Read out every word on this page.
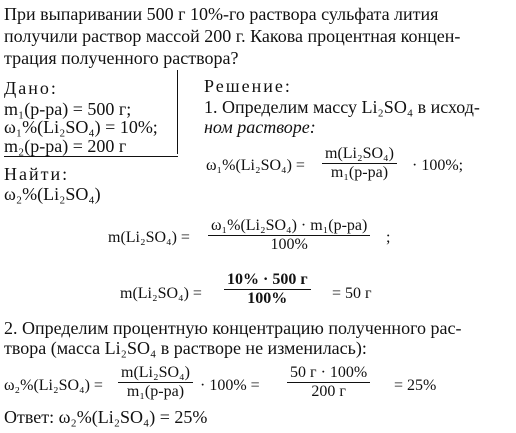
При выпаривании 500 г 10%-го раствора сульфата лития
получили раствор массой 200 г. Какова процентная концен-
трация полученного раствора?
Дано:
m₁(р-ра) = 500 г;
ω₁%(Li₂SO₄) = 10%;
m₂(р-ра) = 200 г
Найти:
ω₂%(Li₂SO₄)
Решение:
1. Определим массу Li₂SO₄ в исход-
ном растворе:
ω₁%(Li₂SO₄) =
m(Li₂SO₄)
m₁(р-ра) · 100%;
m(Li₂SO₄) =
ω₁%(Li₂SO₄) · m₁(р-ра)
100%	;
m(Li₂SO₄) =
10% · 500 г
100%	= 50 г
2. Определим процентную концентрацию полученного рас-
твора (масса Li₂SO₄ в растворе не изменилась):
ω₂%(Li₂SO₄) =
m(Li₂SO₄)
m₁(р-ра) · 100% =
50 г · 100%
200 г	= 25%
Ответ: ω₂%(Li₂SO₄) = 25%
